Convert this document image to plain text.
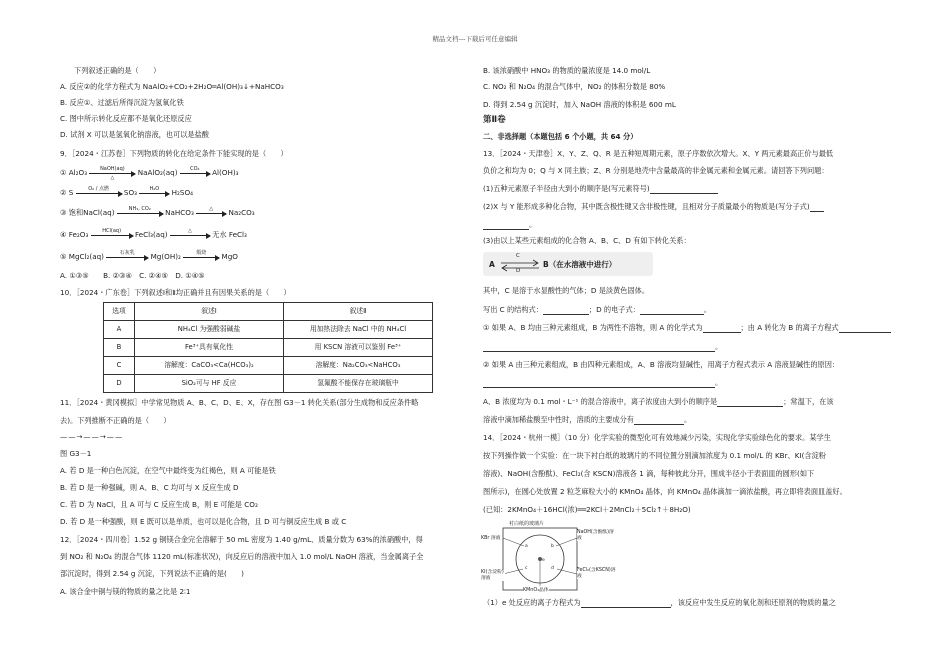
精品文档---下载后可任意编辑
下列叙述正确的是（　　）
A. 反应②的化学方程式为 NaAlO₂+CO₂+2H₂O═Al(OH)₃↓+NaHCO₃
B. 反应①、过滤后所得沉淀为氢氧化铁
C. 图中所示转化反应都不是氧化还原反应
D. 试剂 X 可以是氢氧化钠溶液，也可以是盐酸
9．［2024・江苏卷］下列物质的转化在给定条件下能实现的是（　　）
① Al₂O₃	NaOH(aq)
△
NaAlO₂(aq)	CO₂	Al(OH)₃
② S	O₂ / 点燃	SO₃	H₂O	H₂SO₄
③ 饱和NaCl(aq)	NH₃, CO₂	NaHCO₃	△	Na₂CO₃
④ Fe₂O₃	HCl(aq)	FeCl₃(aq)	△	无水 FeCl₃
⑤ MgCl₂(aq)	石灰乳	Mg(OH)₂	煅烧	MgO
A. ①③⑤　　B. ②③④　C. ②④⑤　D. ①④⑤
10．［2024・广东卷］下列叙述Ⅰ和Ⅱ均正确并且有因果关系的是（　　）
选项	叙述Ⅰ	叙述Ⅱ
A	NH₄Cl 为强酸弱碱盐	用加热法除去 NaCl 中的 NH₄Cl
B	Fe³⁺具有氧化性	用 KSCN 溶液可以鉴别 Fe³⁺
C	溶解度：CaCO₃<Ca(HCO₃)₂	溶解度：Na₂CO₃<NaHCO₃
D	SiO₂可与 HF 反应	氢氟酸不能保存在玻璃瓶中
11．［2024・黄冈模拟］中学常见物质 A、B、C、D、E、X，存在图 G3－1 转化关系(部分生成物和反应条件略
去)。下列推断不正确的是（　　）
——→——→——
图 G3－1
A. 若 D 是一种白色沉淀，在空气中最终变为红褐色，则 A 可能是铁
B. 若 D 是一种强碱，则 A、B、C 均可与 X 反应生成 D
C. 若 D 为 NaCl，且 A 可与 C 反应生成 B，则 E 可能是 CO₂
D. 若 D 是一种强酸，则 E 既可以是单质，也可以是化合物，且 D 可与铜反应生成 B 或 C
12．［2024・四川卷］1.52 g 铜镁合金完全溶解于 50 mL 密度为 1.40 g/mL、质量分数为 63%的浓硝酸中，得
到 NO₂ 和 N₂O₄ 的混合气体 1120 mL(标准状况)，向反应后的溶液中加入 1.0 mol/L NaOH 溶液，当金属离子全
部沉淀时，得到 2.54 g 沉淀，下列说法不正确的是(　　)
A. 该合金中铜与镁的物质的量之比是 2∶1
B. 该浓硝酸中 HNO₃ 的物质的量浓度是 14.0 mol/L
C. NO₂ 和 N₂O₄ 的混合气体中，NO₂ 的体积分数是 80%
D. 得到 2.54 g 沉淀时，加入 NaOH 溶液的体积是 600 mL
第Ⅱ卷
二、非选择题（本题包括 6 个小题，共 64 分）
13．［2024・天津卷］X、Y、Z、Q、R 是五种短周期元素，原子序数依次增大。X、Y 两元素最高正价与最低
负价之和均为 0；Q 与 X 同主族；Z、R 分别是地壳中含量最高的非金属元素和金属元素。请回答下列问题：
(1)五种元素原子半径由大到小的顺序是(写元素符号)
(2)X 与 Y 能形成多种化合物，其中既含极性键又含非极性键，且相对分子质量最小的物质是(写分子式)
。
(3)由以上某些元素组成的化合物 A、B、C、D 有如下转化关系：
A
C
D
B（在水溶液中进行）
其中，C 是溶于水显酸性的气体；D 是淡黄色固体。
写出 C 的结构式：	；D 的电子式：	。
① 如果 A、B 均由三种元素组成，B 为两性不溶物，则 A 的化学式为	；由 A 转化为 B 的离子方程式
。
② 如果 A 由三种元素组成，B 由四种元素组成，A、B 溶液均显碱性，用离子方程式表示 A 溶液显碱性的原因：
。
A、B 浓度均为 0.1 mol・L⁻¹ 的混合溶液中，离子浓度由大到小的顺序是	；常温下，在该
溶液中滴加稀盐酸至中性时，溶质的主要成分有	。
14．［2024・杭州一模］（10 分）化学实验的微型化可有效地减少污染，实现化学实验绿色化的要求。某学生
按下列操作做一个实验：在一块下衬白纸的玻璃片的不同位置分别滴加浓度为 0.1 mol/L 的 KBr、KI(含淀粉
溶液)、NaOH(含酚酞)、FeCl₂(含 KSCN)溶液各 1 滴，每种彼此分开，围成半径小于表面皿的圆形(如下
图所示)，在圆心处放置 2 粒芝麻粒大小的 KMnO₄ 晶体，向 KMnO₄ 晶体滴加一滴浓盐酸，再立即将表面皿盖好。
(已知：2KMnO₄＋16HCl(浓)══2KCl＋2MnCl₂＋5Cl₂↑＋8H₂O)
衬白纸的玻璃片
KBr 溶液
NaOH(含酚酞)溶液
KI(含淀粉)溶液
FeCl₂(含KSCN)溶液
KMnO₄晶体
a	b
c	d
e
（1）e 处反应的离子方程式为	，该反应中发生反应的氧化剂和还原剂的物质的量之
